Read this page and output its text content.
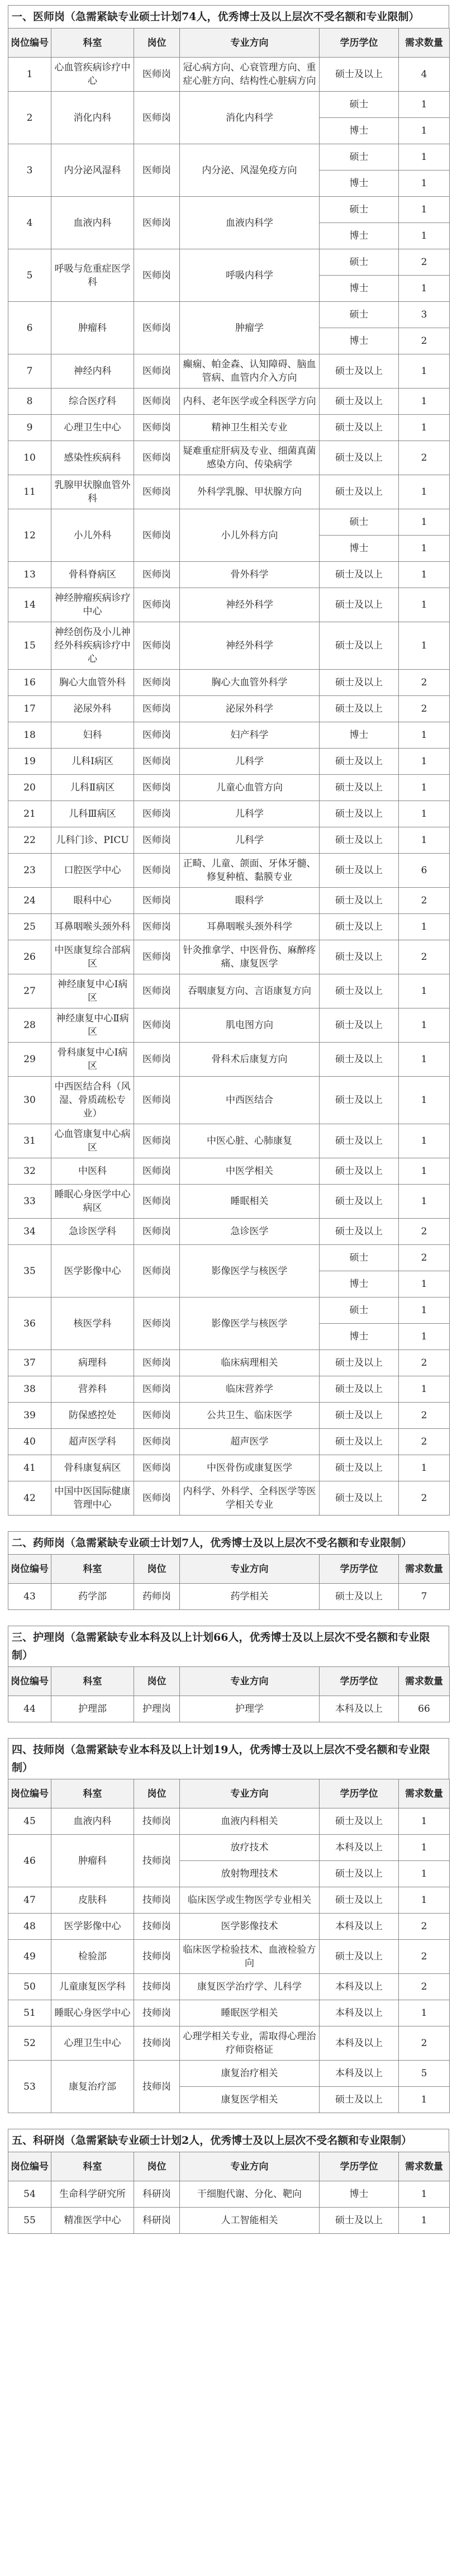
一、医师岗（急需紧缺专业硕士计划74人，优秀博士及以上层次不受名额和专业限制）
岗位编号	科室	岗位	专业方向	学历学位	需求数量
1	心血管疾病诊疗中心	医师岗	冠心病方向、心衰管理方向、重症心脏方向、结构性心脏病方向	硕士及以上	4
2	消化内科	医师岗	消化内科学	硕士	1
				博士	1
3	内分泌风湿科	医师岗	内分泌、风湿免疫方向	硕士	1
				博士	1
4	血液内科	医师岗	血液内科学	硕士	1
				博士	1
5	呼吸与危重症医学科	医师岗	呼吸内科学	硕士	2
				博士	1
6	肿瘤科	医师岗	肿瘤学	硕士	3
				博士	2
7	神经内科	医师岗	癫痫、帕金森、认知障碍、脑血管病、血管内介入方向	硕士及以上	1
8	综合医疗科	医师岗	内科、老年医学或全科医学方向	硕士及以上	1
9	心理卫生中心	医师岗	精神卫生相关专业	硕士及以上	1
10	感染性疾病科	医师岗	疑难重症肝病及专业、细菌真菌感染方向、传染病学	硕士及以上	2
11	乳腺甲状腺血管外科	医师岗	外科学乳腺、甲状腺方向	硕士及以上	1
12	小儿外科	医师岗	小儿外科方向	硕士	1
				博士	1
13	骨科脊病区	医师岗	骨外科学	硕士及以上	1
14	神经肿瘤疾病诊疗中心	医师岗	神经外科学	硕士及以上	1
15	神经创伤及小儿神经外科疾病诊疗中心	医师岗	神经外科学	硕士及以上	1
16	胸心大血管外科	医师岗	胸心大血管外科学	硕士及以上	2
17	泌尿外科	医师岗	泌尿外科学	硕士及以上	2
18	妇科	医师岗	妇产科学	博士	1
19	儿科Ⅰ病区	医师岗	儿科学	硕士及以上	1
20	儿科Ⅱ病区	医师岗	儿童心血管方向	硕士及以上	1
21	儿科Ⅲ病区	医师岗	儿科学	硕士及以上	1
22	儿科门诊、PICU	医师岗	儿科学	硕士及以上	1
23	口腔医学中心	医师岗	正畸、儿童、颌面、牙体牙髓、修复种植、黏膜专业	硕士及以上	6
24	眼科中心	医师岗	眼科学	硕士及以上	2
25	耳鼻咽喉头颈外科	医师岗	耳鼻咽喉头颈外科学	硕士及以上	1
26	中医康复综合部病区	医师岗	针灸推拿学、中医骨伤、麻醉疼痛、康复医学	硕士及以上	2
27	神经康复中心Ⅰ病区	医师岗	吞咽康复方向、言语康复方向	硕士及以上	1
28	神经康复中心Ⅱ病区	医师岗	肌电图方向	硕士及以上	1
29	骨科康复中心Ⅰ病区	医师岗	骨科术后康复方向	硕士及以上	1
30	中西医结合科（风湿、骨质疏松专业）	医师岗	中西医结合	硕士及以上	1
31	心血管康复中心病区	医师岗	中医心脏、心肺康复	硕士及以上	1
32	中医科	医师岗	中医学相关	硕士及以上	1
33	睡眠心身医学中心病区	医师岗	睡眠相关	硕士及以上	1
34	急诊医学科	医师岗	急诊医学	硕士及以上	2
35	医学影像中心	医师岗	影像医学与核医学	硕士	2
				博士	1
36	核医学科	医师岗	影像医学与核医学	硕士	1
				博士	1
37	病理科	医师岗	临床病理相关	硕士及以上	2
38	营养科	医师岗	临床营养学	硕士及以上	1
39	防保感控处	医师岗	公共卫生、临床医学	硕士及以上	2
40	超声医学科	医师岗	超声医学	硕士及以上	2
41	骨科康复病区	医师岗	中医骨伤或康复医学	硕士及以上	1
42	中国中医国际健康管理中心	医师岗	内科学、外科学、全科医学等医学相关专业	硕士及以上	2
二、药师岗（急需紧缺专业硕士计划7人，优秀博士及以上层次不受名额和专业限制）
岗位编号	科室	岗位	专业方向	学历学位	需求数量
43	药学部	药师岗	药学相关	硕士及以上	7
三、护理岗（急需紧缺专业本科及以上计划66人，优秀博士及以上层次不受名额和专业限制）
岗位编号	科室	岗位	专业方向	学历学位	需求数量
44	护理部	护理岗	护理学	本科及以上	66
四、技师岗（急需紧缺专业本科及以上计划19人，优秀博士及以上层次不受名额和专业限制）
岗位编号	科室	岗位	专业方向	学历学位	需求数量
45	血液内科	技师岗	血液内科相关	硕士及以上	1
46	肿瘤科	技师岗	放疗技术	本科及以上	1
			放射物理技术	硕士及以上	1
47	皮肤科	技师岗	临床医学或生物医学专业相关	硕士及以上	1
48	医学影像中心	技师岗	医学影像技术	本科及以上	2
49	检验部	技师岗	临床医学检验技术、血液检验方向	硕士及以上	2
50	儿童康复医学科	技师岗	康复医学治疗学、儿科学	本科及以上	2
51	睡眠心身医学中心	技师岗	睡眠医学相关	本科及以上	1
52	心理卫生中心	技师岗	心理学相关专业，需取得心理治疗师资格证	本科及以上	2
53	康复治疗部	技师岗	康复治疗相关	本科及以上	5
			康复医学相关	硕士及以上	1
五、科研岗（急需紧缺专业硕士计划2人，优秀博士及以上层次不受名额和专业限制）
岗位编号	科室	岗位	专业方向	学历学位	需求数量
54	生命科学研究所	科研岗	干细胞代谢、分化、靶向	博士	1
55	精准医学中心	科研岗	人工智能相关	硕士及以上	1
